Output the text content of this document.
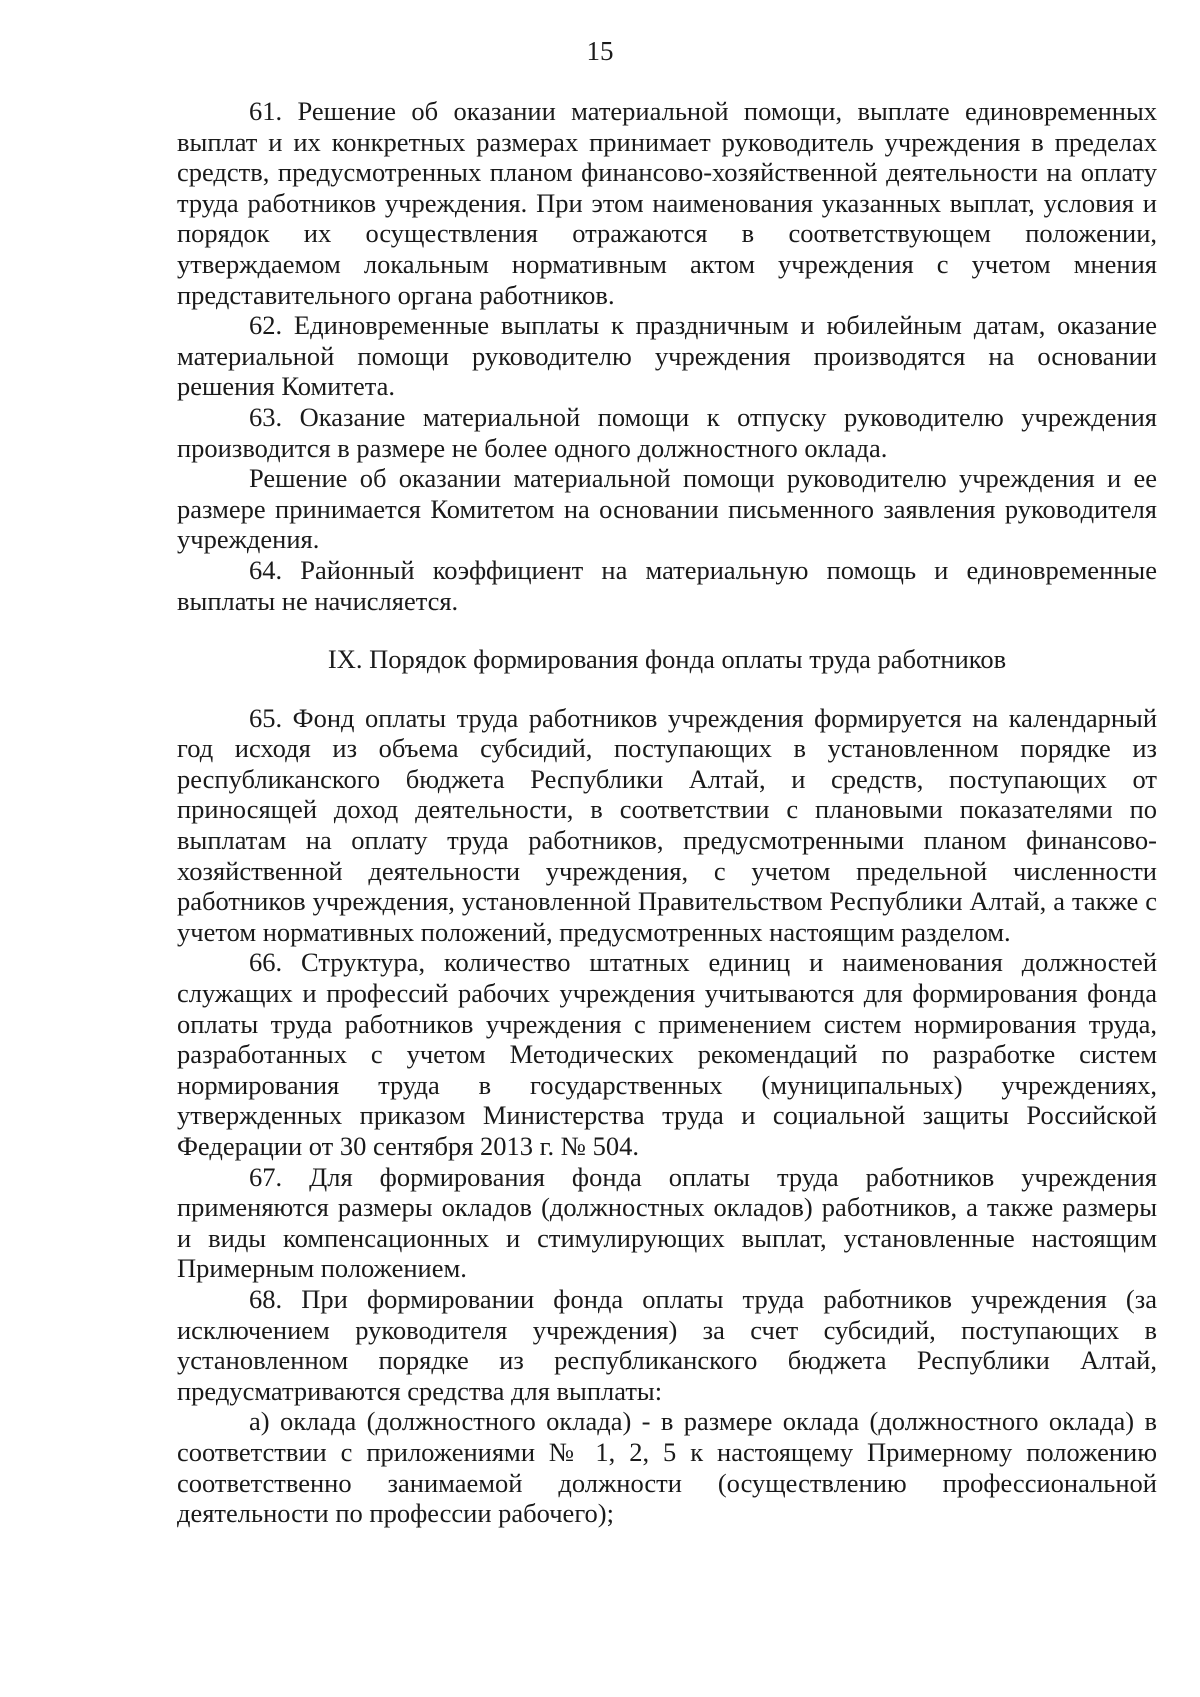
15

61. Решение об оказании материальной помощи, выплате единовременных выплат и их конкретных размерах принимает руководитель учреждения в пределах средств, предусмотренных планом финансово-хозяйственной деятельности на оплату труда работников учреждения. При этом наименования указанных выплат, условия и порядок их осуществления отражаются в соответствующем положении, утверждаемом локальным нормативным актом учреждения с учетом мнения представительного органа работников.

62. Единовременные выплаты к праздничным и юбилейным датам, оказание материальной помощи руководителю учреждения производятся на основании решения Комитета.

63. Оказание материальной помощи к отпуску руководителю учреждения производится в размере не более одного должностного оклада.

Решение об оказании материальной помощи руководителю учреждения и ее размере принимается Комитетом на основании письменного заявления руководителя учреждения.

64. Районный коэффициент на материальную помощь и единовременные выплаты не начисляется.

IX. Порядок формирования фонда оплаты труда работников

65. Фонд оплаты труда работников учреждения формируется на календарный год исходя из объема субсидий, поступающих в установленном порядке из республиканского бюджета Республики Алтай, и средств, поступающих от приносящей доход деятельности, в соответствии с плановыми показателями по выплатам на оплату труда работников, предусмотренными планом финансово-хозяйственной деятельности учреждения, с учетом предельной численности работников учреждения, установленной Правительством Республики Алтай, а также с учетом нормативных положений, предусмотренных настоящим разделом.

66. Структура, количество штатных единиц и наименования должностей служащих и профессий рабочих учреждения учитываются для формирования фонда оплаты труда работников учреждения с применением систем нормирования труда, разработанных с учетом Методических рекомендаций по разработке систем нормирования труда в государственных (муниципальных) учреждениях, утвержденных приказом Министерства труда и социальной защиты Российской Федерации от 30 сентября 2013 г. № 504.

67. Для формирования фонда оплаты труда работников учреждения применяются размеры окладов (должностных окладов) работников, а также размеры и виды компенсационных и стимулирующих выплат, установленные настоящим Примерным положением.

68. При формировании фонда оплаты труда работников учреждения (за исключением руководителя учреждения) за счет субсидий, поступающих в установленном порядке из республиканского бюджета Республики Алтай, предусматриваются средства для выплаты:

а) оклада (должностного оклада) - в размере оклада (должностного оклада) в соответствии с приложениями № 1, 2, 5 к настоящему Примерному положению соответственно занимаемой должности (осуществлению профессиональной деятельности по профессии рабочего);
